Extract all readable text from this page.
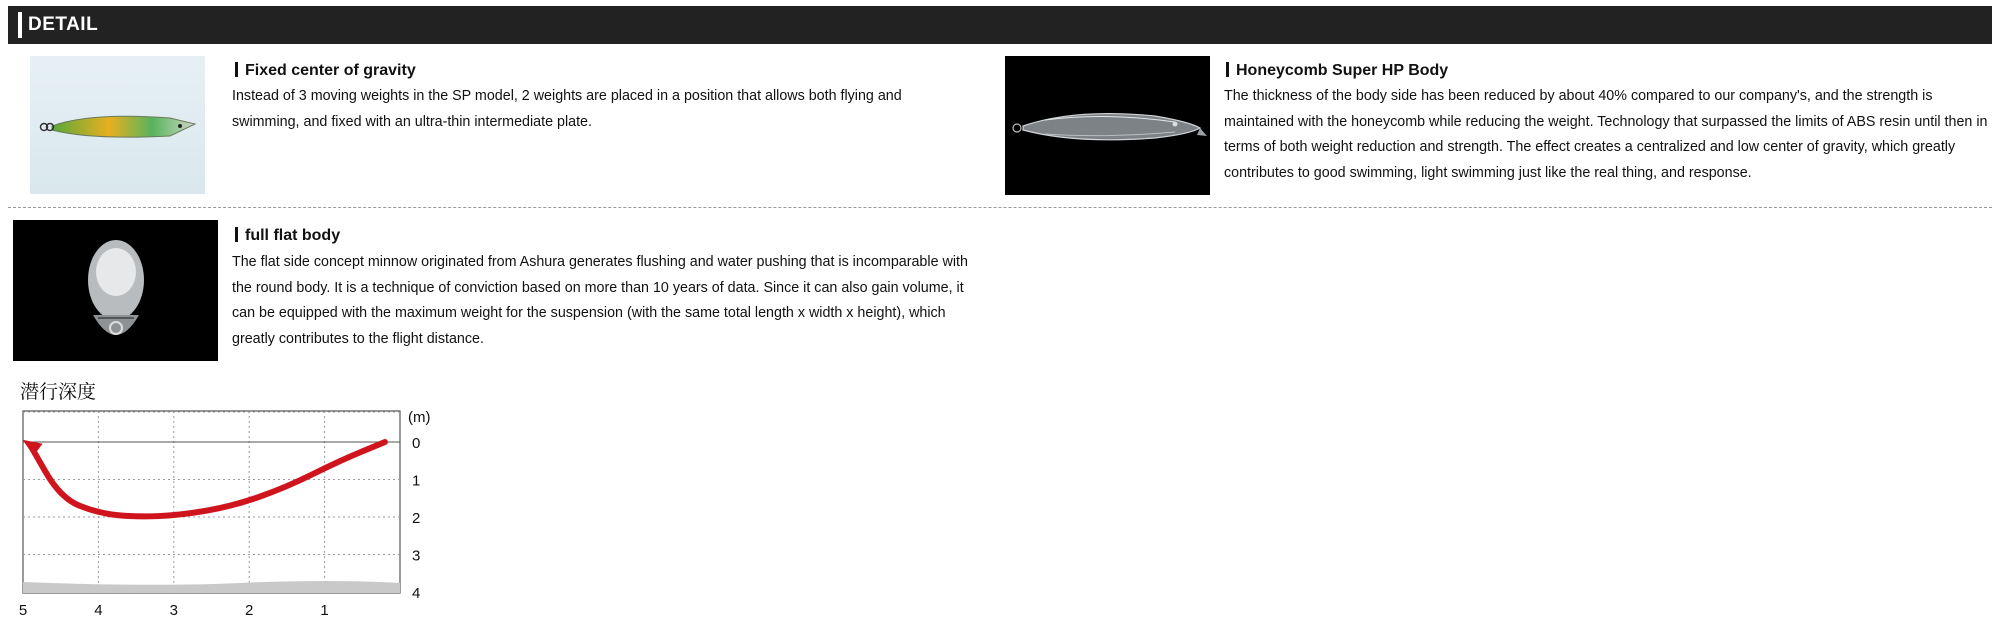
DETAIL
Fixed center of gravity
Instead of 3 moving weights in the SP model, 2 weights are placed in a position that allows both flying and swimming, and fixed with an ultra-thin intermediate plate.
Honeycomb Super HP Body
The thickness of the body side has been reduced by about 40% compared to our company's, and the strength is maintained with the honeycomb while reducing the weight. Technology that surpassed the limits of ABS resin until then in terms of both weight reduction and strength. The effect creates a centralized and low center of gravity, which greatly contributes to good swimming, light swimming just like the real thing, and response.
full flat body
The flat side concept minnow originated from Ashura generates flushing and water pushing that is incomparable with the round body. It is a technique of conviction based on more than 10 years of data. Since it can also gain volume, it can be equipped with the maximum weight for the suspension (with the same total length x width x height), which greatly contributes to the flight distance.
潜行深度
5	4	3	2	1
0
1
2
3
4
(m)
